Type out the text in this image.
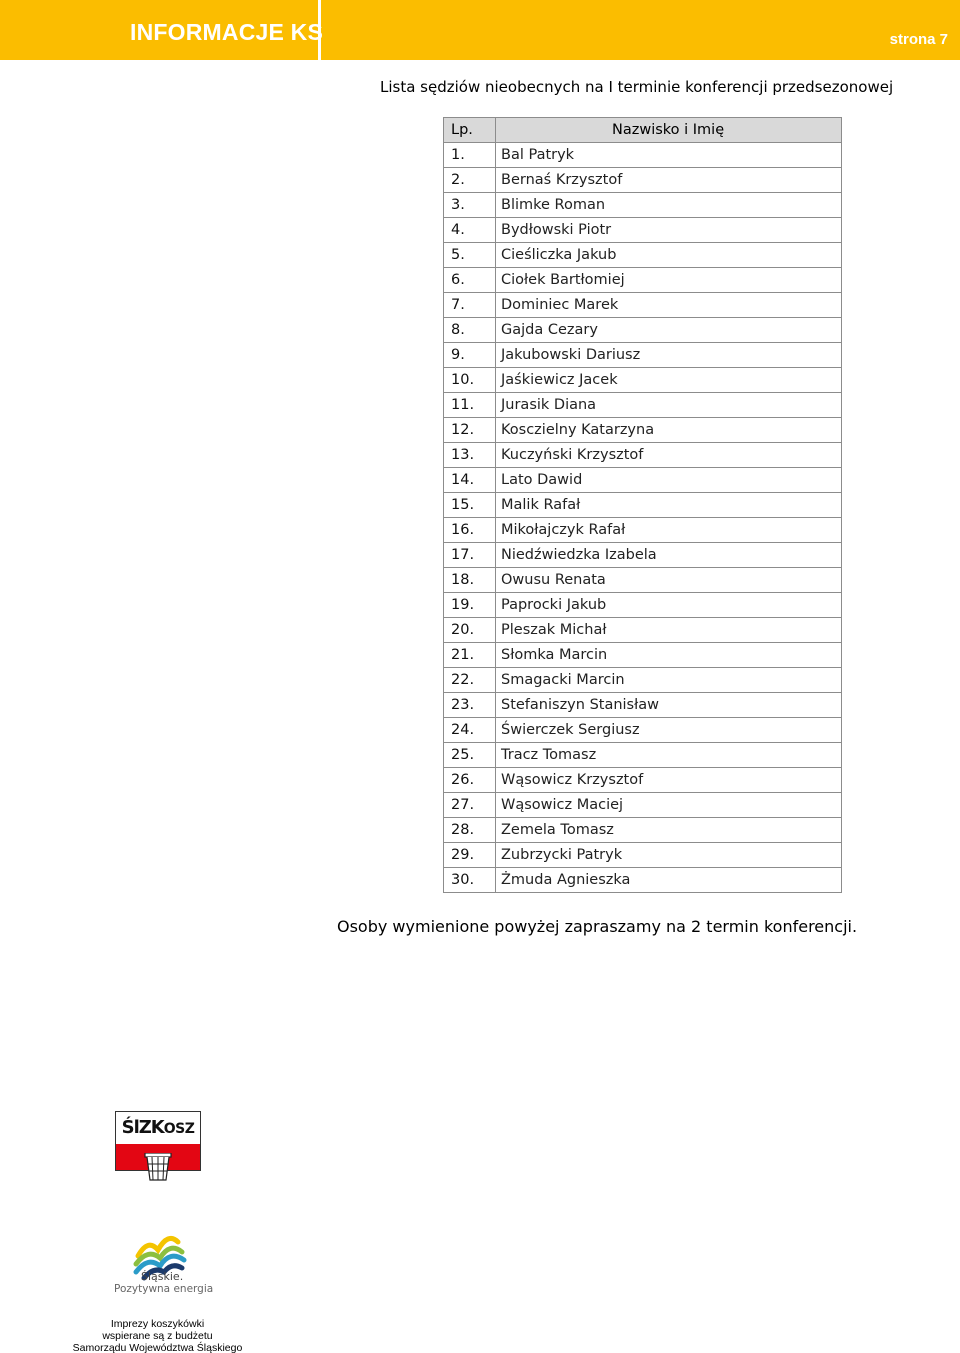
INFORMACJE KS	strona 7
Lista sędziów nieobecnych na I terminie konferencji przedsezonowej
Lp.	Nazwisko i Imię
1.	Bal Patryk
2.	Bernaś Krzysztof
3.	Blimke Roman
4.	Bydłowski Piotr
5.	Cieśliczka Jakub
6.	Ciołek Bartłomiej
7.	Dominiec Marek
8.	Gajda Cezary
9.	Jakubowski Dariusz
10.	Jaśkiewicz Jacek
11.	Jurasik Diana
12.	Kosczielny Katarzyna
13.	Kuczyński Krzysztof
14.	Lato Dawid
15.	Malik Rafał
16.	Mikołajczyk Rafał
17.	Niedźwiedzka Izabela
18.	Owusu Renata
19.	Paprocki Jakub
20.	Pleszak Michał
21.	Słomka Marcin
22.	Smagacki Marcin
23.	Stefaniszyn Stanisław
24.	Świerczek Sergiusz
25.	Tracz Tomasz
26.	Wąsowicz Krzysztof
27.	Wąsowicz Maciej
28.	Zemela Tomasz
29.	Zubrzycki Patryk
30.	Żmuda Agnieszka
Osoby wymienione powyżej zapraszamy na 2 termin konferencji.
ŚlZKOSZ
Śląskie.
Pozytywna energia
Imprezy koszykówki
wspierane są z budżetu
Samorządu Województwa Śląskiego
